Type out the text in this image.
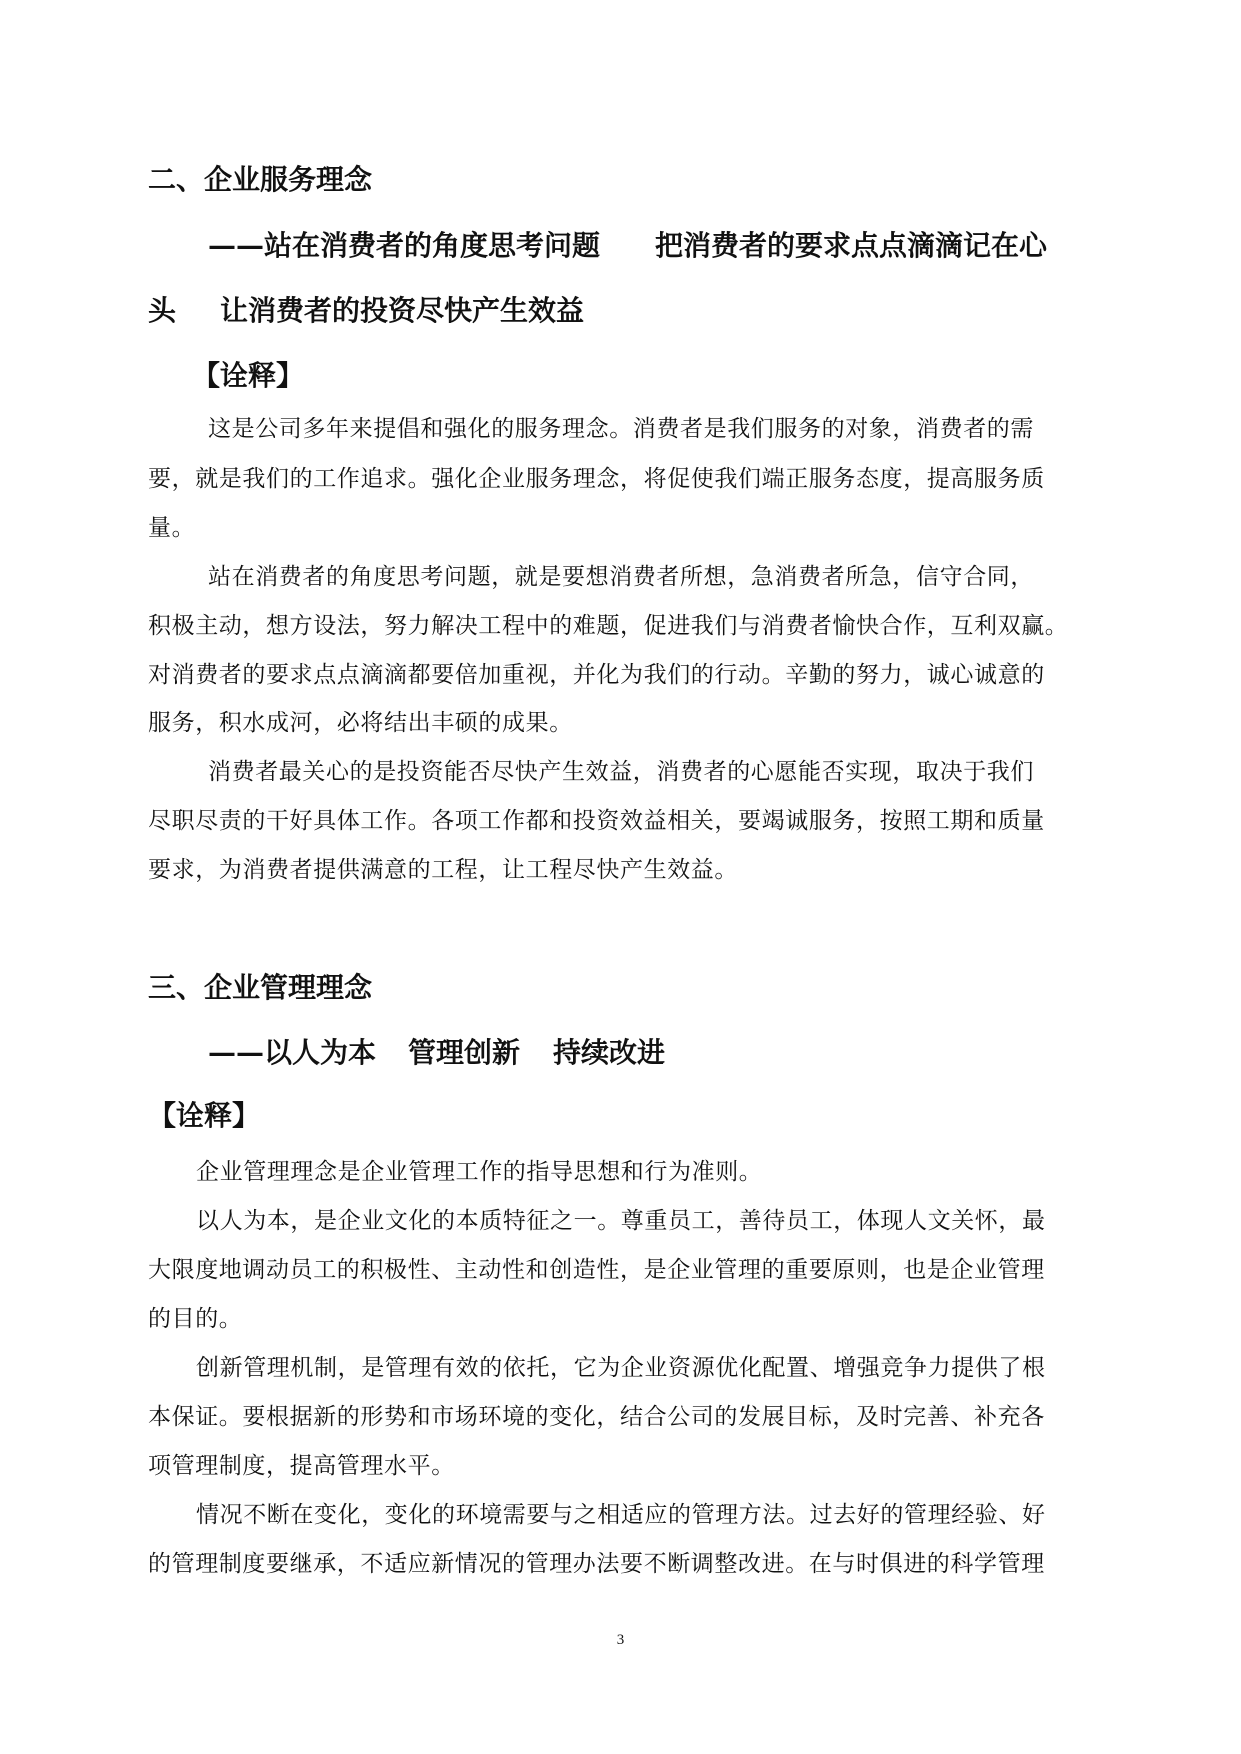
二、企业服务理念
——站在消费者的角度思考问题 把消费者的要求点点滴滴记在心
头 让消费者的投资尽快产生效益
【诠释】

这是公司多年来提倡和强化的服务理念。消费者是我们服务的对象，消费者的需

要，就是我们的工作追求。强化企业服务理念，将促使我们端正服务态度，提高服务质

量。

站在消费者的角度思考问题，就是要想消费者所想，急消费者所急，信守合同，

积极主动，想方设法，努力解决工程中的难题，促进我们与消费者愉快合作，互利双赢。

对消费者的要求点点滴滴都要倍加重视，并化为我们的行动。辛勤的努力，诚心诚意的

服务，积水成河，必将结出丰硕的成果。

消费者最关心的是投资能否尽快产生效益，消费者的心愿能否实现，取决于我们

尽职尽责的干好具体工作。各项工作都和投资效益相关，要竭诚服务，按照工期和质量

要求，为消费者提供满意的工程，让工程尽快产生效益。

三、企业管理理念
——以人为本 管理创新 持续改进
【诠释】

企业管理理念是企业管理工作的指导思想和行为准则。

以人为本，是企业文化的本质特征之一。尊重员工，善待员工，体现人文关怀，最

大限度地调动员工的积极性、主动性和创造性，是企业管理的重要原则，也是企业管理

的目的。

创新管理机制，是管理有效的依托，它为企业资源优化配置、增强竞争力提供了根

本保证。要根据新的形势和市场环境的变化，结合公司的发展目标，及时完善、补充各

项管理制度，提高管理水平。

情况不断在变化，变化的环境需要与之相适应的管理方法。过去好的管理经验、好

的管理制度要继承，不适应新情况的管理办法要不断调整改进。在与时俱进的科学管理

3
